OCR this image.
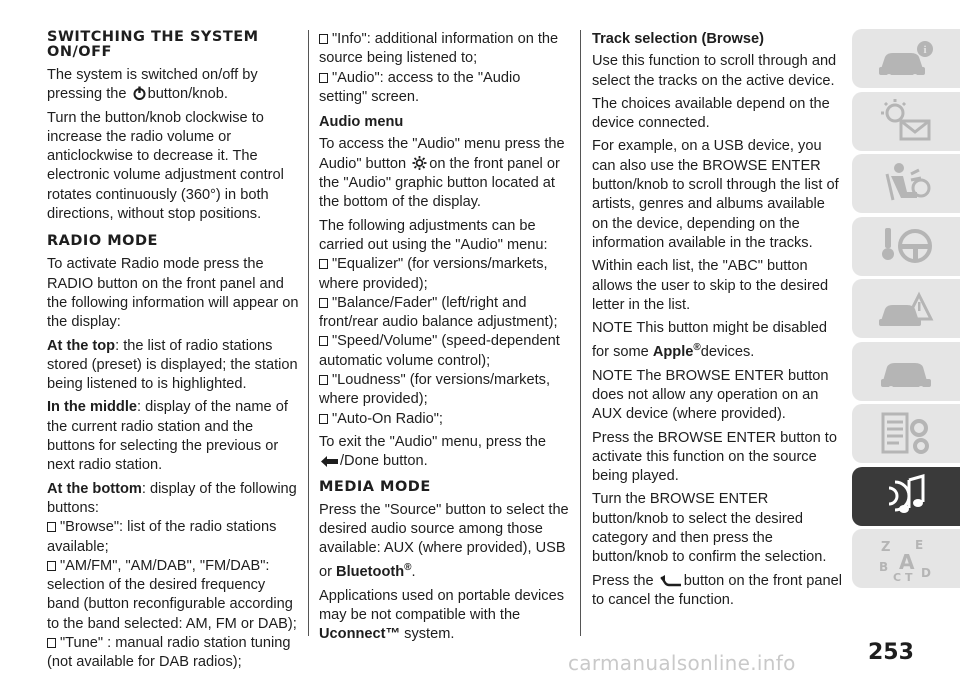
SWITCHING THE SYSTEM ON/OFF

The system is switched on/off by pressing the button/knob.

Turn the button/knob clockwise to increase the radio volume or anticlockwise to decrease it. The electronic volume adjustment control rotates continuously (360°) in both directions, without stop positions.

RADIO MODE

To activate Radio mode press the RADIO button on the front panel and the following information will appear on the display:

At the top: the list of radio stations stored (preset) is displayed; the station being listened to is highlighted.

In the middle: display of the name of the current radio station and the buttons for selecting the previous or next radio station.

At the bottom: display of the following buttons:

"Browse": list of the radio stations available;
"AM/FM", "AM/DAB", "FM/DAB": selection of the desired frequency band (button reconfigurable according to the band selected: AM, FM or DAB);
"Tune" : manual radio station tuning (not available for DAB radios);
"Info": additional information on the source being listened to;
"Audio": access to the "Audio setting" screen.
Audio menu

To access the "Audio" menu press the Audio" button on the front panel or the "Audio" graphic button located at the bottom of the display.

The following adjustments can be carried out using the "Audio" menu:

"Equalizer" (for versions/markets, where provided);
"Balance/Fader" (left/right and front/rear audio balance adjustment);
"Speed/Volume" (speed-dependent automatic volume control);
"Loudness" (for versions/markets, where provided);
"Auto-On Radio";

To exit the "Audio" menu, press the
/Done button.

MEDIA MODE

Press the "Source" button to select the desired audio source among those available: AUX (where provided), USB or Bluetooth®.

Applications used on portable devices may be not compatible with the Uconnect™ system.

Track selection (Browse)

Use this function to scroll through and select the tracks on the active device.

The choices available depend on the device connected.

For example, on a USB device, you can also use the BROWSE ENTER button/knob to scroll through the list of artists, genres and albums available on the device, depending on the information available in the tracks.

Within each list, the "ABC" button allows the user to skip to the desired letter in the list.

NOTE This button might be disabled for some Apple®devices.

NOTE The BROWSE ENTER button does not allow any operation on an AUX device (where provided).

Press the BROWSE ENTER button to activate this function on the source being played.

Turn the BROWSE ENTER button/knob to select the desired category and then press the button/knob to confirm the selection.

Press the button on the front panel to cancel the function.

i
Z E
B A
C T D
253
carmanualsonline.info
